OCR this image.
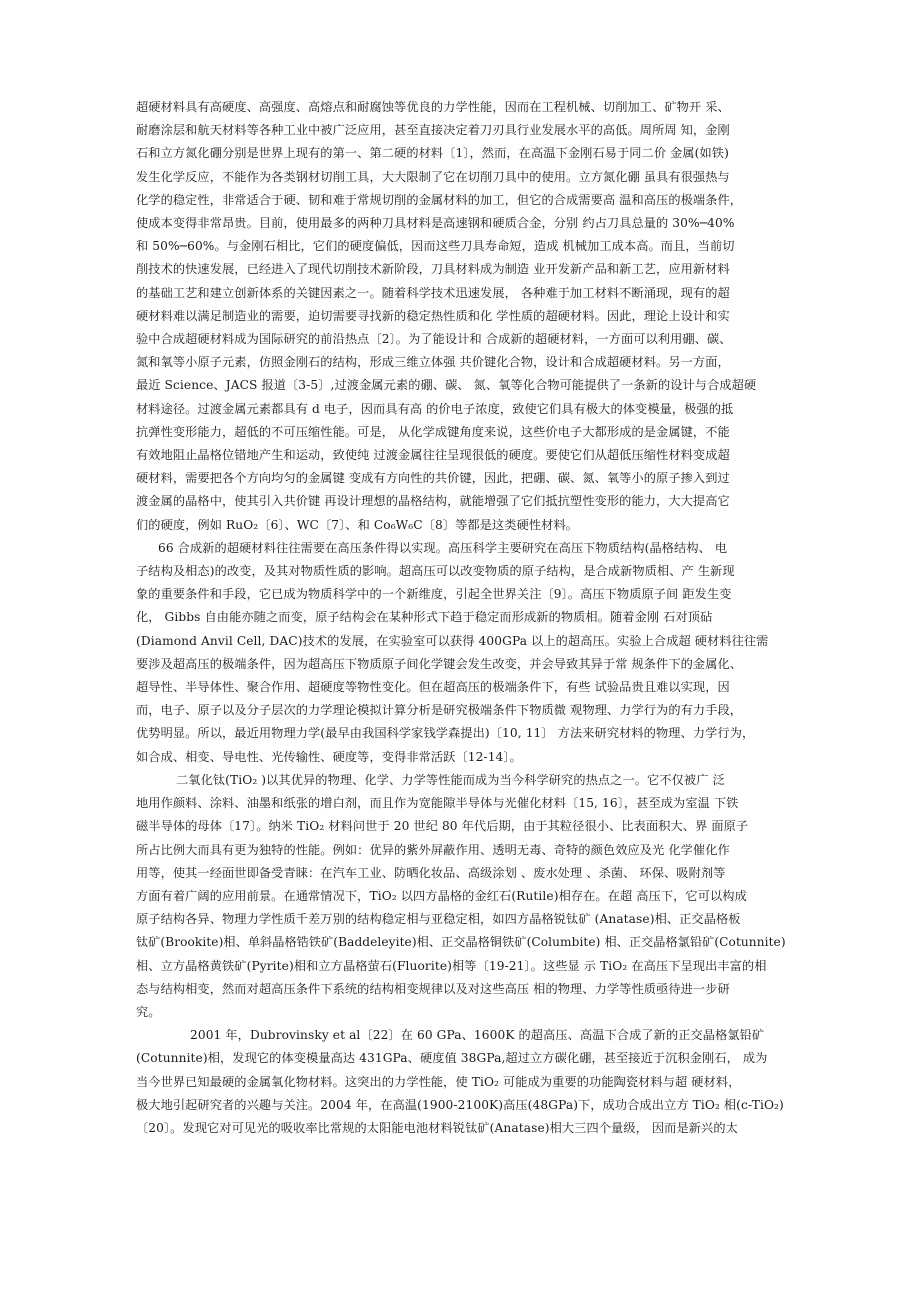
超硬材料具有高硬度、高强度、高熔点和耐腐蚀等优良的力学性能，因而在工程机械、切削加工、矿物开 采、
耐磨涂层和航天材料等各种工业中被广泛应用，甚至直接决定着刀刃具行业发展水平的高低。周所周 知，金刚
石和立方氮化硼分别是世界上现有的第一、第二硬的材料〔1〕，然而，在高温下金刚石易于同二价 金属(如铁)
发生化学反应，不能作为各类钢材切削工具，大大限制了它在切削刀具中的使用。立方氮化硼 虽具有很强热与
化学的稳定性，非常适合于硬、韧和难于常规切削的金属材料的加工，但它的合成需要高 温和高压的极端条件，
使成本变得非常昂贵。目前，使用最多的两种刀具材料是高速钢和硬质合金，分别 约占刀具总量的 30%─40%
和 50%─60%。与金刚石相比，它们的硬度偏低，因而这些刀具寿命短，造成 机械加工成本高。而且，当前切
削技术的快速发展，已经进入了现代切削技术新阶段，刀具材料成为制造 业开发新产品和新工艺，应用新材料
的基础工艺和建立创新体系的关键因素之一。随着科学技术迅速发展， 各种难于加工材料不断涌现，现有的超
硬材料难以满足制造业的需要，迫切需要寻找新的稳定热性质和化 学性质的超硬材料。因此，理论上设计和实
验中合成超硬材料成为国际研究的前沿热点〔2〕。为了能设计和 合成新的超硬材料，一方面可以利用硼、碳、
氮和氧等小原子元素，仿照金刚石的结构，形成三维立体强 共价键化合物，设计和合成超硬材料。另一方面，
最近 Science、JACS 报道〔3-5〕,过渡金属元素的硼、碳、 氮、氧等化合物可能提供了一条新的设计与合成超硬
材料途径。过渡金属元素都具有 d 电子，因而具有高 的价电子浓度，致使它们具有极大的体变模量，极强的抵
抗弹性变形能力，超低的不可压缩性能。可是， 从化学成键角度来说，这些价电子大都形成的是金属键，不能
有效地阻止晶格位错地产生和运动，致使纯 过渡金属往往呈现很低的硬度。要使它们从超低压缩性材料变成超
硬材料，需要把各个方向均匀的金属键 变成有方向性的共价键，因此，把硼、碳、氮、氧等小的原子掺入到过
渡金属的晶格中，使其引入共价键 再设计理想的晶格结构，就能增强了它们抵抗塑性变形的能力，大大提高它
们的硬度，例如 RuO₂〔6〕、WC〔7〕、和 Co₆W₆C〔8〕等都是这类硬性材料。
66 合成新的超硬材料往往需要在高压条件得以实现。高压科学主要研究在高压下物质结构(晶格结构、 电
子结构及相态)的改变，及其对物质性质的影响。超高压可以改变物质的原子结构，是合成新物质相、产 生新现
象的重要条件和手段，它已成为物质科学中的一个新维度，引起全世界关注〔9〕。高压下物质原子间 距发生变
化， Gibbs 自由能亦随之而变，原子结构会在某种形式下趋于稳定而形成新的物质相。随着金刚 石对顶砧
(Diamond Anvil Cell, DAC)技术的发展，在实验室可以获得 400GPa 以上的超高压。实验上合成超 硬材料往往需
要涉及超高压的极端条件，因为超高压下物质原子间化学键会发生改变，并会导致其异于常 规条件下的金属化、
超导性、半导体性、聚合作用、超硬度等物性变化。但在超高压的极端条件下，有些 试验品贵且难以实现，因
而，电子、原子以及分子层次的力学理论模拟计算分析是研究极端条件下物质微 观物理、力学行为的有力手段，
优势明显。所以，最近用物理力学(最早由我国科学家钱学森提出)〔10, 11〕 方法来研究材料的物理、力学行为，
如合成、相变、导电性、光传输性、硬度等，变得非常活跃〔12-14〕。
二氧化钛(TiO₂ )以其优异的物理、化学、力学等性能而成为当今科学研究的热点之一。它不仅被广 泛
地用作颜料、涂料、油墨和纸张的增白剂，而且作为宽能隙半导体与光催化材料〔15, 16〕，甚至成为室温 下铁
磁半导体的母体〔17〕。纳米 TiO₂ 材料问世于 20 世纪 80 年代后期，由于其粒径很小、比表面积大、界 面原子
所占比例大而具有更为独特的性能。例如：优异的紫外屏蔽作用、透明无毒、奇特的颜色效应及光 化学催化作
用等，使其一经面世即备受青睐：在汽车工业、防晒化妆品、高级涂划 、废水处理 、杀菌、 环保、吸附剂等
方面有着广阔的应用前景。在通常情况下，TiO₂ 以四方晶格的金红石(Rutile)相存在。在超 高压下，它可以构成
原子结构各异、物理力学性质千差万别的结构稳定相与亚稳定相，如四方晶格锐钛矿 (Anatase)相、正交晶格板
钛矿(Brookite)相、单斜晶格锆铁矿(Baddeleyite)相、正交晶格铜铁矿(Columbite) 相、正交晶格氯铅矿(Cotunnite)
相、立方晶格黄铁矿(Pyrite)相和立方晶格萤石(Fluorite)相等〔19-21〕。这些显 示 TiO₂ 在高压下呈现出丰富的相
态与结构相变，然而对超高压条件下系统的结构相变规律以及对这些高压 相的物理、力学等性质亟待进一步研
究。
2001 年，Dubrovinsky et al〔22〕在 60 GPa、1600K 的超高压、高温下合成了新的正交晶格氯铅矿
(Cotunnite)相，发现它的体变模量高达 431GPa、硬度值 38GPa,超过立方碳化硼，甚至接近于沉积金刚石， 成为
当今世界已知最硬的金属氧化物材料。这突出的力学性能，使 TiO₂ 可能成为重要的功能陶瓷材料与超 硬材料，
极大地引起研究者的兴趣与关注。2004 年，在高温(1900-2100K)高压(48GPa)下，成功合成出立方 TiO₂ 相(c-TiO₂)
〔20〕。发现它对可见光的吸收率比常规的太阳能电池材料锐钛矿(Anatase)相大三四个量级， 因而是新兴的太
